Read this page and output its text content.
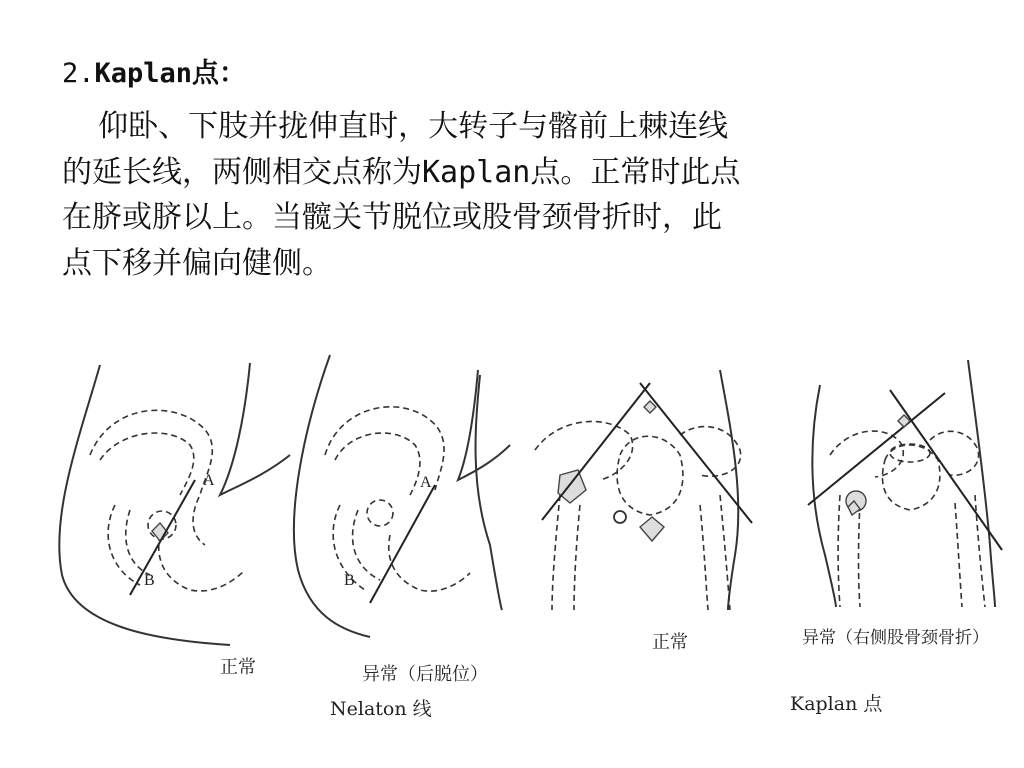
2.Kaplan点：
仰卧、下肢并拢伸直时，大转子与髂前上棘连线
的延长线，两侧相交点称为Kaplan点。正常时此点
在脐或脐以上。当髋关节脱位或股骨颈骨折时，此
点下移并偏向健侧。
A
B
正常
A
B
异常（后脱位）
正常	异常（右侧股骨颈骨折）
Nelaton 线	Kaplan 点
